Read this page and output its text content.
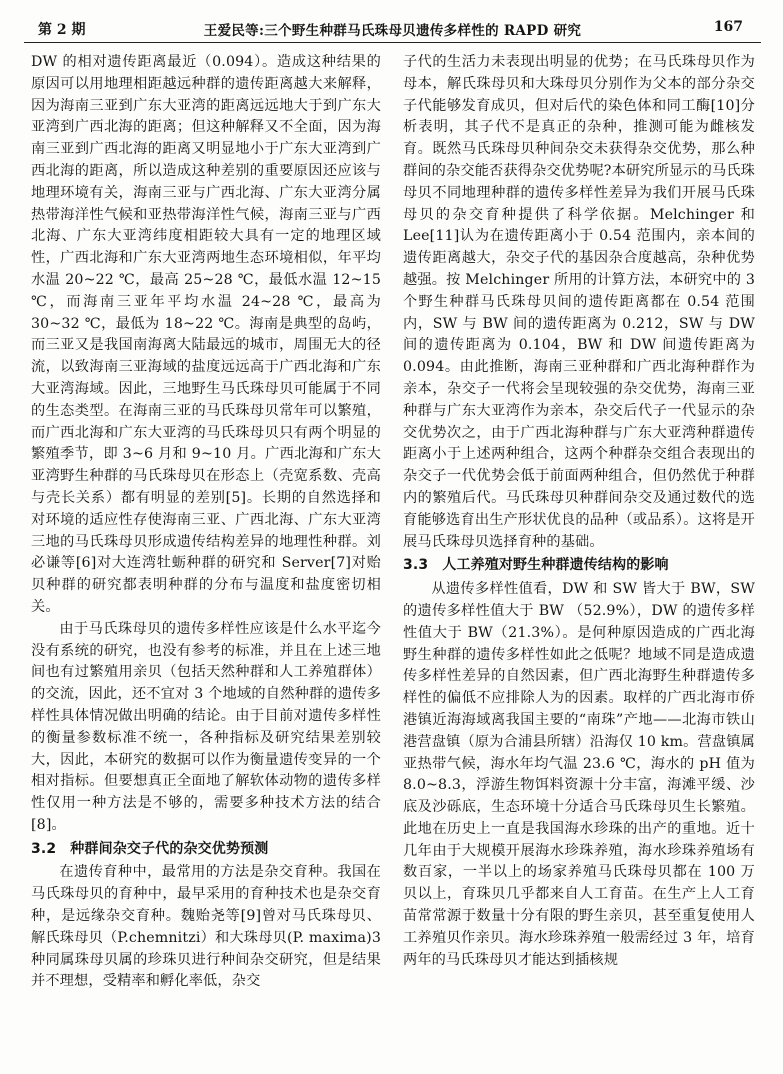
第 2 期	王爱民等:三个野生种群马氏珠母贝遗传多样性的 RAPD 研究	167

DW 的相对遗传距离最近（0.094）。造成这种结果的原因可以用地理相距越远种群的遗传距离越大来解释，因为海南三亚到广东大亚湾的距离远远地大于到广东大亚湾到广西北海的距离；但这种解释又不全面，因为海南三亚到广西北海的距离又明显地小于广东大亚湾到广西北海的距离，所以造成这种差别的重要原因还应该与地理环境有关，海南三亚与广西北海、广东大亚湾分属热带海洋性气候和亚热带海洋性气候，海南三亚与广西北海、广东大亚湾纬度相距较大具有一定的地理区域性，广西北海和广东大亚湾两地生态环境相似，年平均水温 20~22 ℃，最高 25~28 ℃，最低水温 12~15 ℃，而海南三亚年平均水温 24~28 ℃，最高为 30~32 ℃，最低为 18~22 ℃。海南是典型的岛屿，而三亚又是我国南海离大陆最远的城市，周围无大的径流，以致海南三亚海域的盐度远远高于广西北海和广东大亚湾海域。因此，三地野生马氏珠母贝可能属于不同的生态类型。在海南三亚的马氏珠母贝常年可以繁殖，而广西北海和广东大亚湾的马氏珠母贝只有两个明显的繁殖季节，即 3~6 月和 9~10 月。广西北海和广东大亚湾野生种群的马氏珠母贝在形态上（壳宽系数、壳高与壳长关系）都有明显的差别[5]。长期的自然选择和对环境的适应性存使海南三亚、广西北海、广东大亚湾三地的马氏珠母贝形成遗传结构差异的地理性种群。刘必谦等[6]对大连湾牡蛎种群的研究和 Server[7]对贻贝种群的研究都表明种群的分布与温度和盐度密切相关。

由于马氏珠母贝的遗传多样性应该是什么水平迄今没有系统的研究，也没有参考的标准，并且在上述三地间也有过繁殖用亲贝（包括天然种群和人工养殖群体）的交流，因此，还不宜对 3 个地域的自然种群的遗传多样性具体情况做出明确的结论。由于目前对遗传多样性的衡量参数标准不统一，各种指标及研究结果差别较大，因此，本研究的数据可以作为衡量遗传变异的一个相对指标。但要想真正全面地了解软体动物的遗传多样性仅用一种方法是不够的，需要多种技术方法的结合[8]。

3.2 种群间杂交子代的杂交优势预测

在遗传育种中，最常用的方法是杂交育种。我国在马氏珠母贝的育种中，最早采用的育种技术也是杂交育种，是远缘杂交育种。魏贻尧等[9]曾对马氏珠母贝、解氏珠母贝（P.chemnitzi）和大珠母贝(P. maxima)3 种同属珠母贝属的珍珠贝进行种间杂交研究，但是结果并不理想，受精率和孵化率低，杂交

子代的生活力未表现出明显的优势；在马氏珠母贝作为母本，解氏珠母贝和大珠母贝分别作为父本的部分杂交子代能够发育成贝，但对后代的染色体和同工酶[10]分析表明，其子代不是真正的杂种，推测可能为雌核发育。既然马氏珠母贝种间杂交未获得杂交优势，那么种群间的杂交能否获得杂交优势呢?本研究所显示的马氏珠母贝不同地理种群的遗传多样性差异为我们开展马氏珠母贝的杂交育种提供了科学依据。Melchinger 和 Lee[11]认为在遗传距离小于 0.54 范围内，亲本间的遗传距离越大，杂交子代的基因杂合度越高，杂种优势越强。按 Melchinger 所用的计算方法，本研究中的 3 个野生种群马氏珠母贝间的遗传距离都在 0.54 范围内，SW 与 BW 间的遗传距离为 0.212，SW 与 DW 间的遗传距离为 0.104，BW 和 DW 间遗传距离为 0.094。由此推断，海南三亚种群和广西北海种群作为亲本，杂交子一代将会呈现较强的杂交优势，海南三亚种群与广东大亚湾作为亲本，杂交后代子一代显示的杂交优势次之，由于广西北海种群与广东大亚湾种群遗传距离小于上述两种组合，这两个种群杂交组合表现出的杂交子一代优势会低于前面两种组合，但仍然优于种群内的繁殖后代。马氏珠母贝种群间杂交及通过数代的选育能够选育出生产形状优良的品种（或品系）。这将是开展马氏珠母贝选择育种的基础。

3.3 人工养殖对野生种群遗传结构的影响

从遗传多样性值看，DW 和 SW 皆大于 BW，SW 的遗传多样性值大于 BW （52.9%），DW 的遗传多样性值大于 BW（21.3%）。是何种原因造成的广西北海野生种群的遗传多样性如此之低呢？地域不同是造成遗传多样性差异的自然因素，但广西北海野生种群遗传多样性的偏低不应排除人为的因素。取样的广西北海市侨港镇近海海域离我国主要的“南珠”产地——北海市铁山港营盘镇（原为合浦县所辖）沿海仅 10 km。营盘镇属亚热带气候，海水年均气温 23.6 ℃，海水的 pH 值为 8.0~8.3，浮游生物饵料资源十分丰富，海滩平缓、沙底及沙砾底，生态环境十分适合马氏珠母贝生长繁殖。此地在历史上一直是我国海水珍珠的出产的重地。近十几年由于大规模开展海水珍珠养殖，海水珍珠养殖场有数百家，一半以上的场家养殖马氏珠母贝都在 100 万贝以上，育珠贝几乎都来自人工育苗。在生产上人工育苗常常源于数量十分有限的野生亲贝，甚至重复使用人工养殖贝作亲贝。海水珍珠养殖一般需经过 3 年，培育两年的马氏珠母贝才能达到插核规
